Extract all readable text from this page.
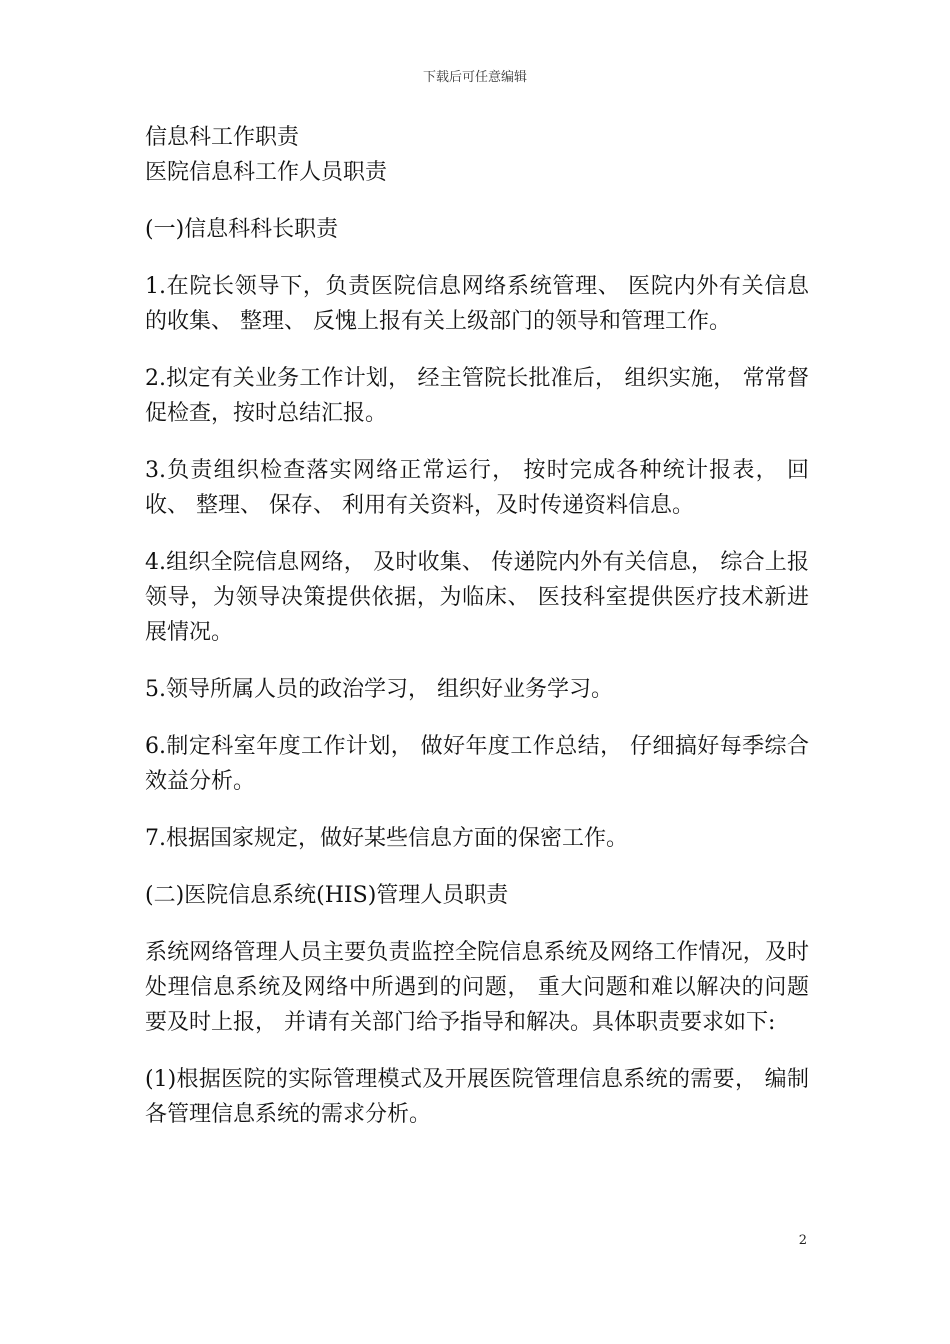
下载后可任意编辑

信息科工作职责

医院信息科工作人员职责

(一)信息科科长职责

1.在院长领导下，负责医院信息网络系统管理、 医院内外有关信息的收集、 整理、 反愧上报有关上级部门的领导和管理工作。

2.拟定有关业务工作计划， 经主管院长批准后， 组织实施， 常常督促检查，按时总结汇报。

3.负责组织检查落实网络正常运行， 按时完成各种统计报表， 回收、 整理、 保存、 利用有关资料，及时传递资料信息。

4.组织全院信息网络， 及时收集、 传递院内外有关信息， 综合上报领导，为领导决策提供依据，为临床、 医技科室提供医疗技术新进展情况。

5.领导所属人员的政治学习， 组织好业务学习。

6.制定科室年度工作计划， 做好年度工作总结， 仔细搞好每季综合效益分析。

7.根据国家规定，做好某些信息方面的保密工作。

(二)医院信息系统(HIS)管理人员职责

系统网络管理人员主要负责监控全院信息系统及网络工作情况，及时处理信息系统及网络中所遇到的问题， 重大问题和难以解决的问题要及时上报， 并请有关部门给予指导和解决。具体职责要求如下:

(1)根据医院的实际管理模式及开展医院管理信息系统的需要， 编制各管理信息系统的需求分析。

2
